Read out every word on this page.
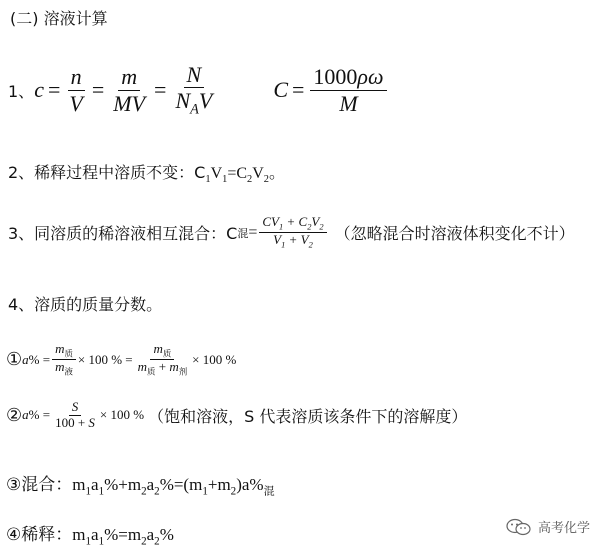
(二) 溶液计算
1、 $c = \frac{n}{V} = \frac{m}{MV} = \frac{N}{N_AV}$	$C = \frac{1000\rho\omega}{M}$
2、稀释过程中溶质不变：$C_1V_1=C_2V_2$。
3、同溶质的稀溶液相互混合：C 混 = $\frac{CV_1 + C_2V_2}{V_1 + V_2}$ （忽略混合时溶液体积变化不计）
4、溶质的质量分数。
① a % = $\frac{m_质}{m_液} \times 100$ % = $\frac{m_质}{m_质 + m_剂} \times 100$ %
② a % = $\frac{S}{100 + S} \times 100$ % （饱和溶液，S 代表溶质该条件下的溶解度）
③混合：$m_1a_1\%+m_2a_2\%=(m_1+m_2)a\%_混$
④稀释：$m_1a_1\%=m_2a_2\%$	高考化学
